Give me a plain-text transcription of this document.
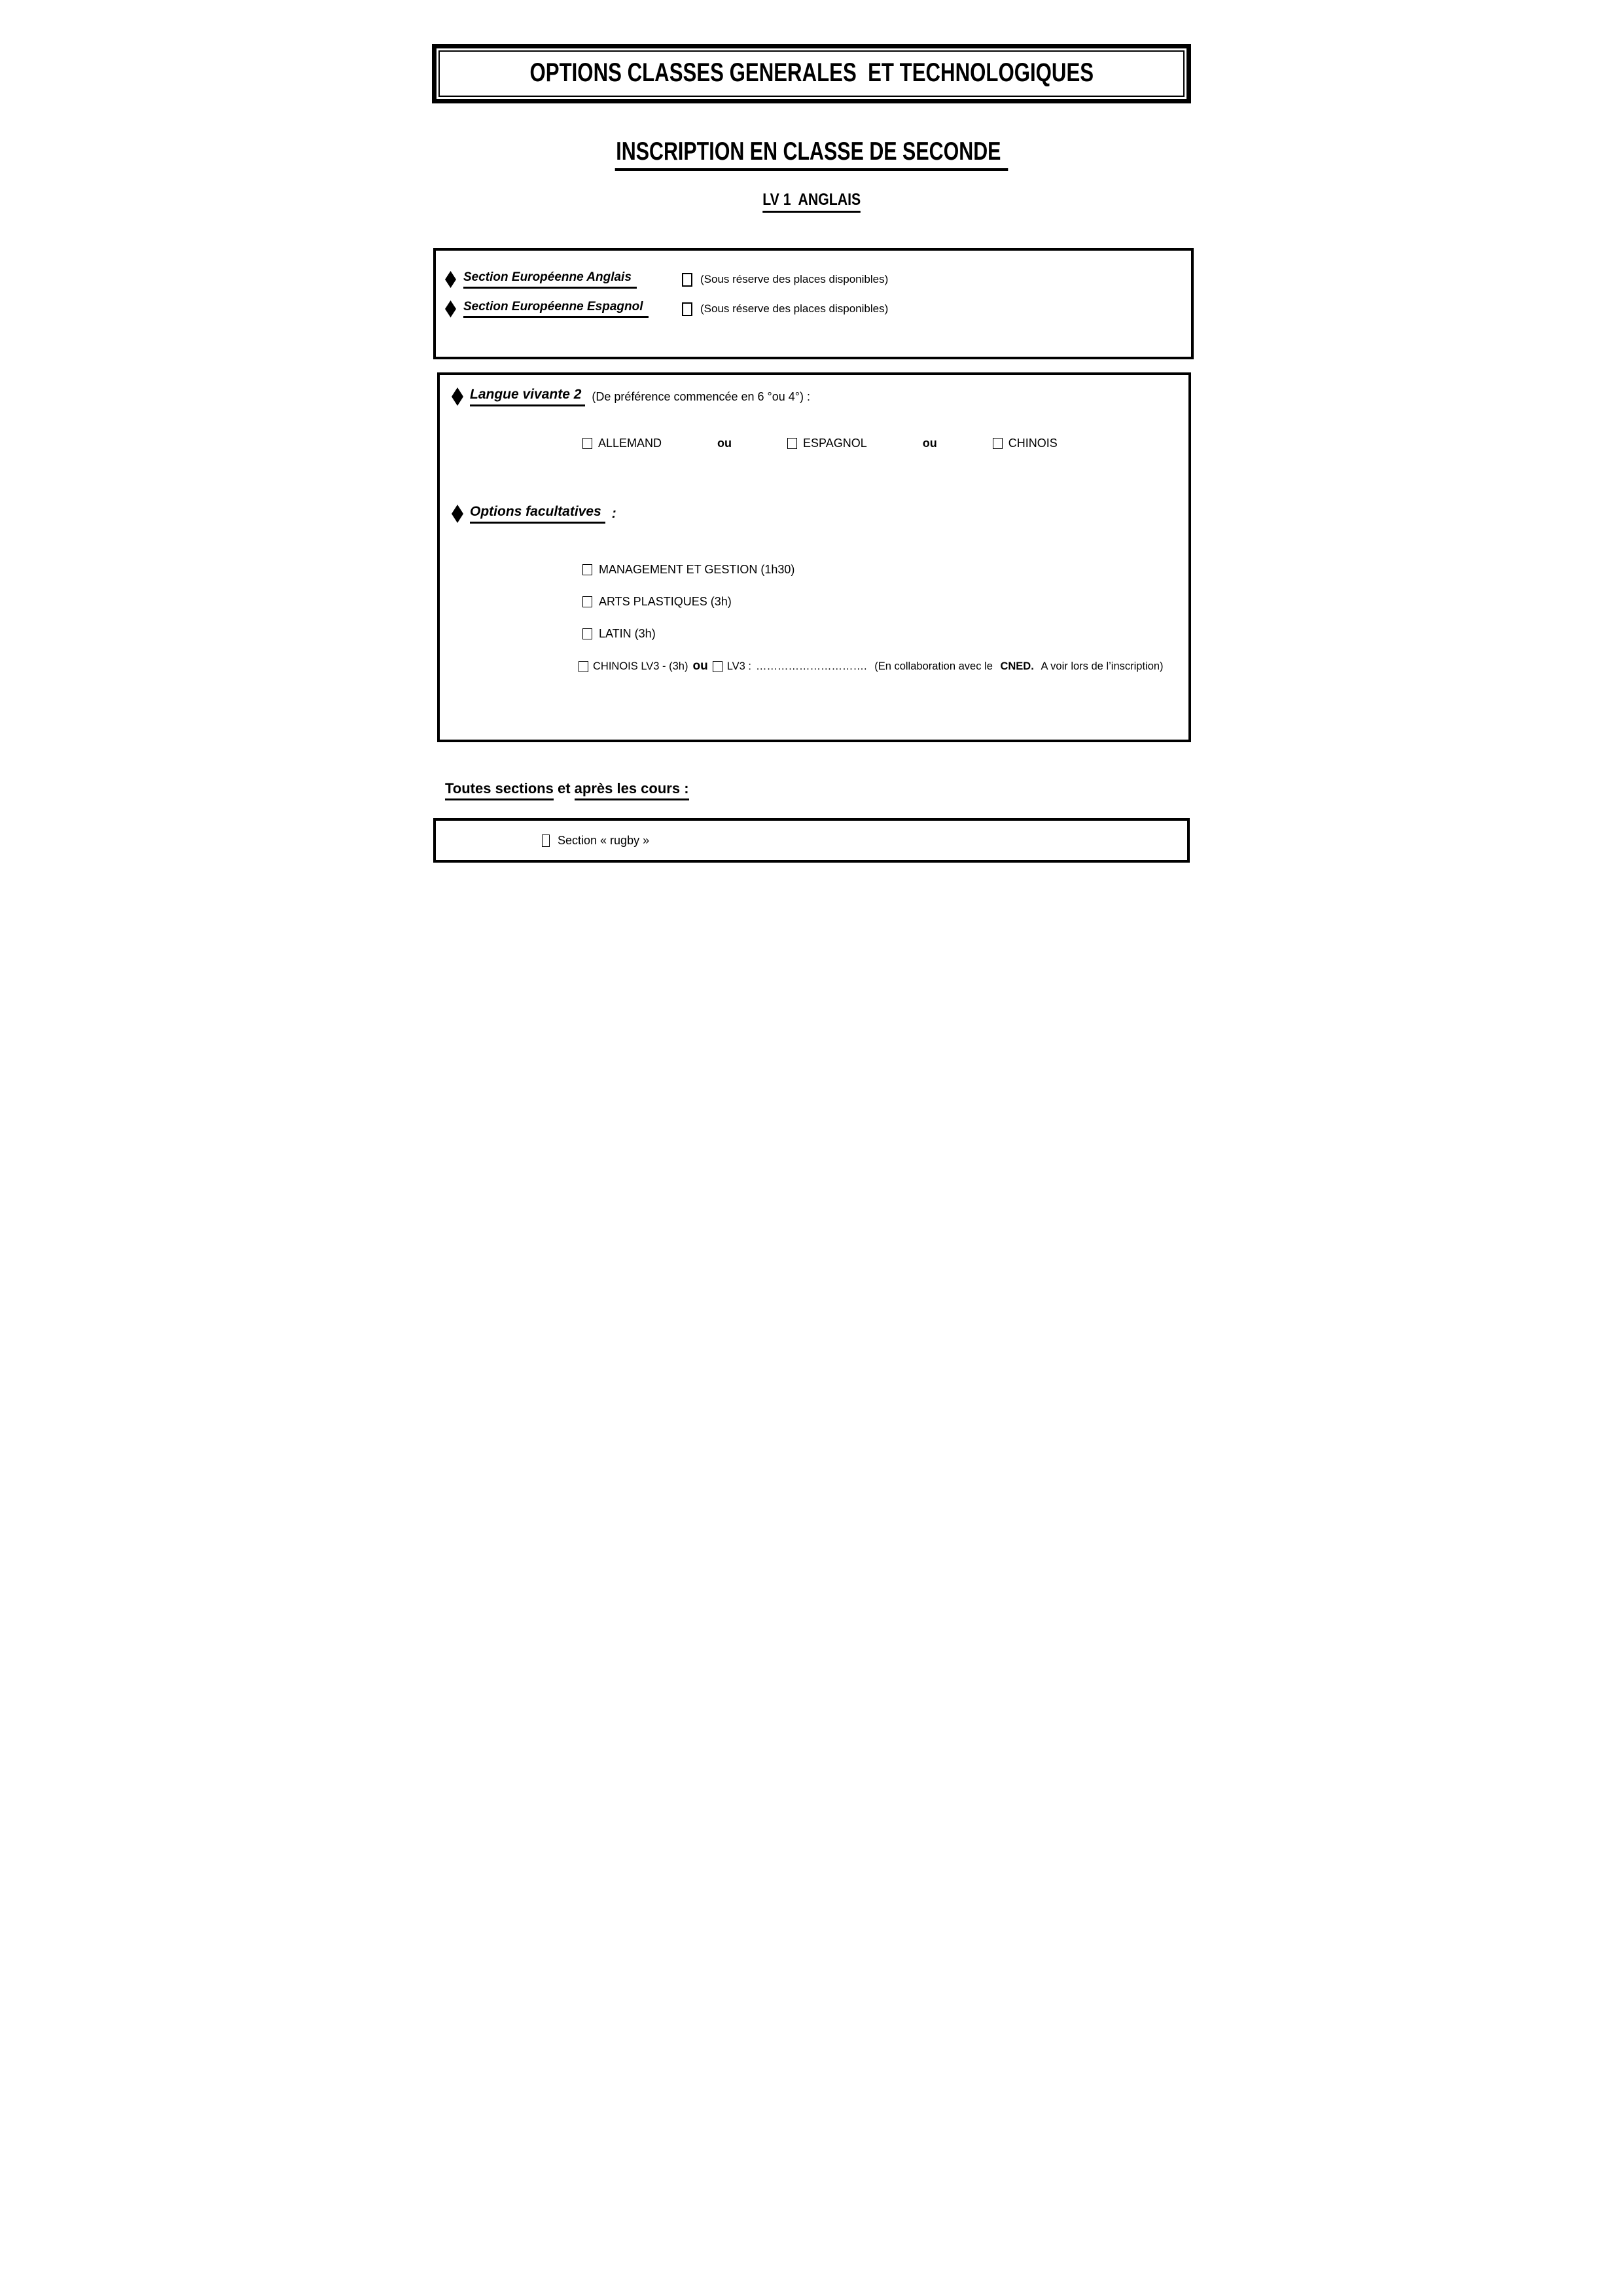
OPTIONS CLASSES GENERALES  ET TECHNOLOGIQUES
INSCRIPTION EN CLASSE DE SECONDE
LV 1  ANGLAIS
Section Européenne Anglais	(Sous réserve des places disponibles)
Section Européenne Espagnol	(Sous réserve des places disponibles)
Langue vivante 2 (De préférence commencée en 6 °ou 4°) :
ALLEMAND	ou	ESPAGNOL	ou	CHINOIS
Options facultatives :
MANAGEMENT ET GESTION (1h30)
ARTS PLASTIQUES (3h)
LATIN (3h)
CHINOIS LV3 - (3h) ou LV3 : …………………………. (En collaboration avec le CNED. A voir lors de l’inscription)
Toutes sections et après les cours :
Section « rugby »
